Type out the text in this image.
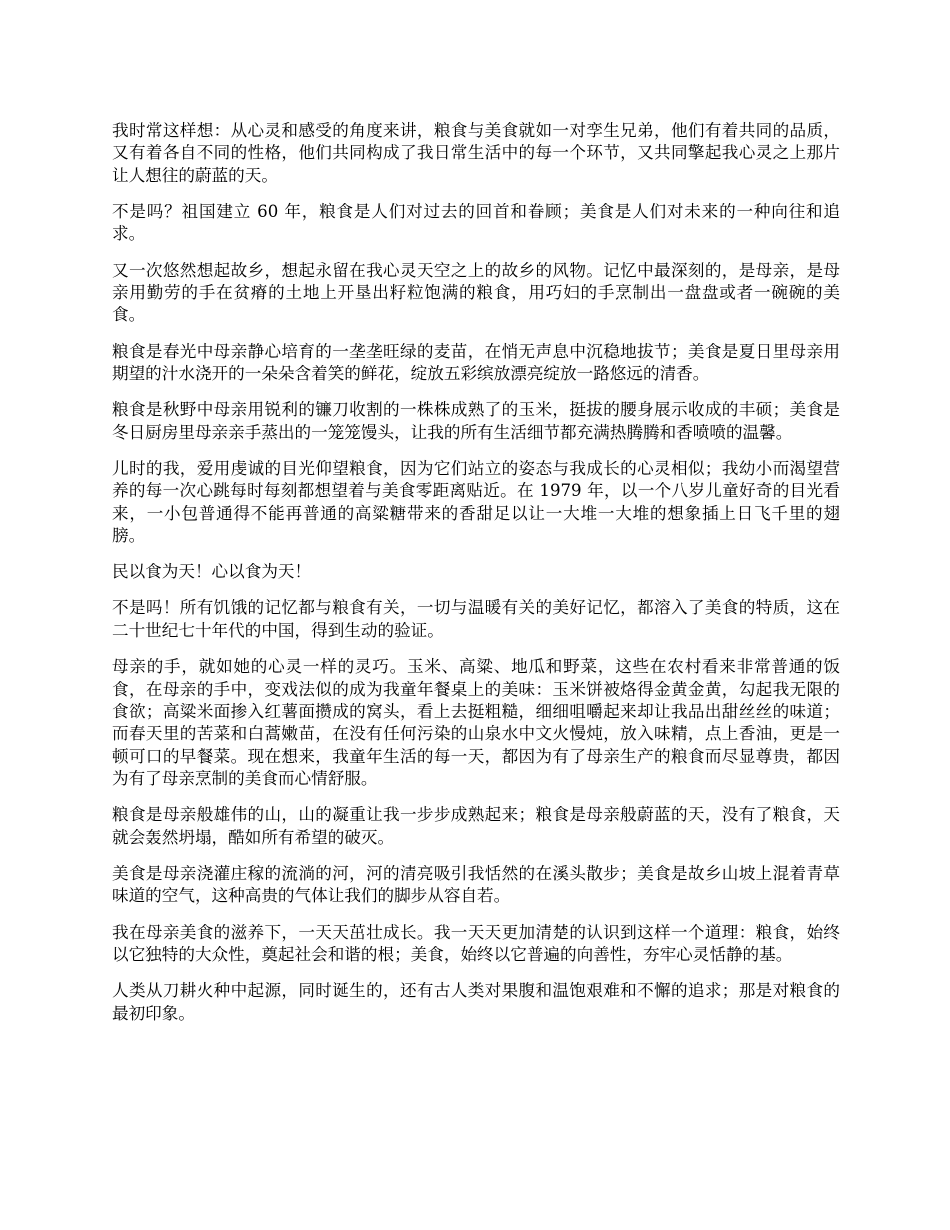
我时常这样想：从心灵和感受的角度来讲，粮食与美食就如一对孪生兄弟，他们有着共同的品质，又有着各自不同的性格，他们共同构成了我日常生活中的每一个环节，又共同擎起我心灵之上那片让人想往的蔚蓝的天。

不是吗？祖国建立 60 年，粮食是人们对过去的回首和眷顾；美食是人们对未来的一种向往和追求。

又一次悠然想起故乡，想起永留在我心灵天空之上的故乡的风物。记忆中最深刻的，是母亲，是母亲用勤劳的手在贫瘠的土地上开垦出籽粒饱满的粮食，用巧妇的手烹制出一盘盘或者一碗碗的美食。

粮食是春光中母亲静心培育的一垄垄旺绿的麦苗，在悄无声息中沉稳地拔节；美食是夏日里母亲用期望的汁水浇开的一朵朵含着笑的鲜花，绽放五彩缤放漂亮绽放一路悠远的清香。

粮食是秋野中母亲用锐利的镰刀收割的一株株成熟了的玉米，挺拔的腰身展示收成的丰硕；美食是冬日厨房里母亲亲手蒸出的一笼笼馒头，让我的所有生活细节都充满热腾腾和香喷喷的温馨。

儿时的我，爱用虔诚的目光仰望粮食，因为它们站立的姿态与我成长的心灵相似；我幼小而渴望营养的每一次心跳每时每刻都想望着与美食零距离贴近。在 1979 年，以一个八岁儿童好奇的目光看来，一小包普通得不能再普通的高粱糖带来的香甜足以让一大堆一大堆的想象插上日飞千里的翅膀。

民以食为天！心以食为天！

不是吗！所有饥饿的记忆都与粮食有关，一切与温暖有关的美好记忆，都溶入了美食的特质，这在二十世纪七十年代的中国，得到生动的验证。

母亲的手，就如她的心灵一样的灵巧。玉米、高粱、地瓜和野菜，这些在农村看来非常普通的饭食，在母亲的手中，变戏法似的成为我童年餐桌上的美味：玉米饼被烙得金黄金黄，勾起我无限的食欲；高粱米面掺入红薯面攒成的窝头，看上去挺粗糙，细细咀嚼起来却让我品出甜丝丝的味道；而春天里的苦菜和白蒿嫩苗，在没有任何污染的山泉水中文火慢炖，放入味精，点上香油，更是一顿可口的早餐菜。现在想来，我童年生活的每一天，都因为有了母亲生产的粮食而尽显尊贵，都因为有了母亲烹制的美食而心情舒服。

粮食是母亲般雄伟的山，山的凝重让我一步步成熟起来；粮食是母亲般蔚蓝的天，没有了粮食，天就会轰然坍塌，酷如所有希望的破灭。

美食是母亲浇灌庄稼的流淌的河，河的清亮吸引我恬然的在溪头散步；美食是故乡山坡上混着青草味道的空气，这种高贵的气体让我们的脚步从容自若。

我在母亲美食的滋养下，一天天茁壮成长。我一天天更加清楚的认识到这样一个道理：粮食，始终以它独特的大众性，奠起社会和谐的根；美食，始终以它普遍的向善性，夯牢心灵恬静的基。

人类从刀耕火种中起源，同时诞生的，还有古人类对果腹和温饱艰难和不懈的追求；那是对粮食的最初印象。
